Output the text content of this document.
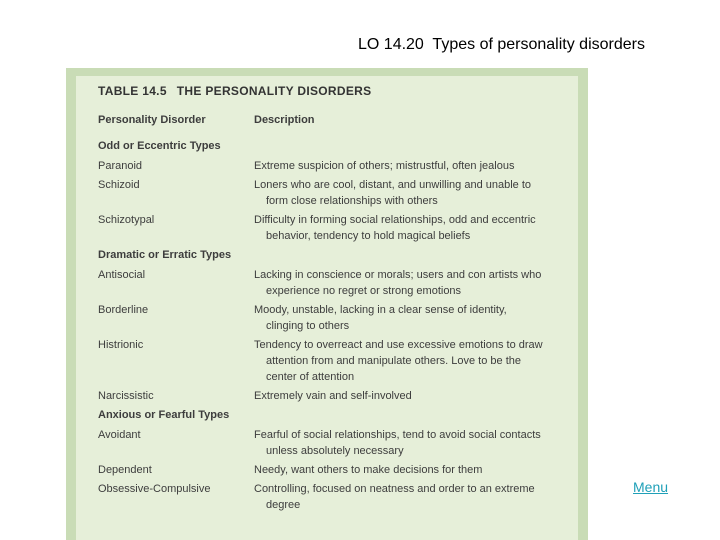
LO 14.20  Types of personality disorders
TABLE 14.5 THE PERSONALITY DISORDERS
Personality Disorder	Description
Odd or Eccentric Types
Paranoid	Extreme suspicion of others; mistrustful, often jealous
Schizoid	Loners who are cool, distant, and unwilling and unable to
form close relationships with others
Schizotypal	Difficulty in forming social relationships, odd and eccentric
behavior, tendency to hold magical beliefs
Dramatic or Erratic Types
Antisocial	Lacking in conscience or morals; users and con artists who
experience no regret or strong emotions
Borderline	Moody, unstable, lacking in a clear sense of identity,
clinging to others
Histrionic	Tendency to overreact and use excessive emotions to draw
attention from and manipulate others. Love to be the
center of attention
Narcissistic	Extremely vain and self-involved
Anxious or Fearful Types
Avoidant	Fearful of social relationships, tend to avoid social contacts
unless absolutely necessary
Dependent	Needy, want others to make decisions for them
Obsessive-Compulsive	Controlling, focused on neatness and order to an extreme
degree
Menu
